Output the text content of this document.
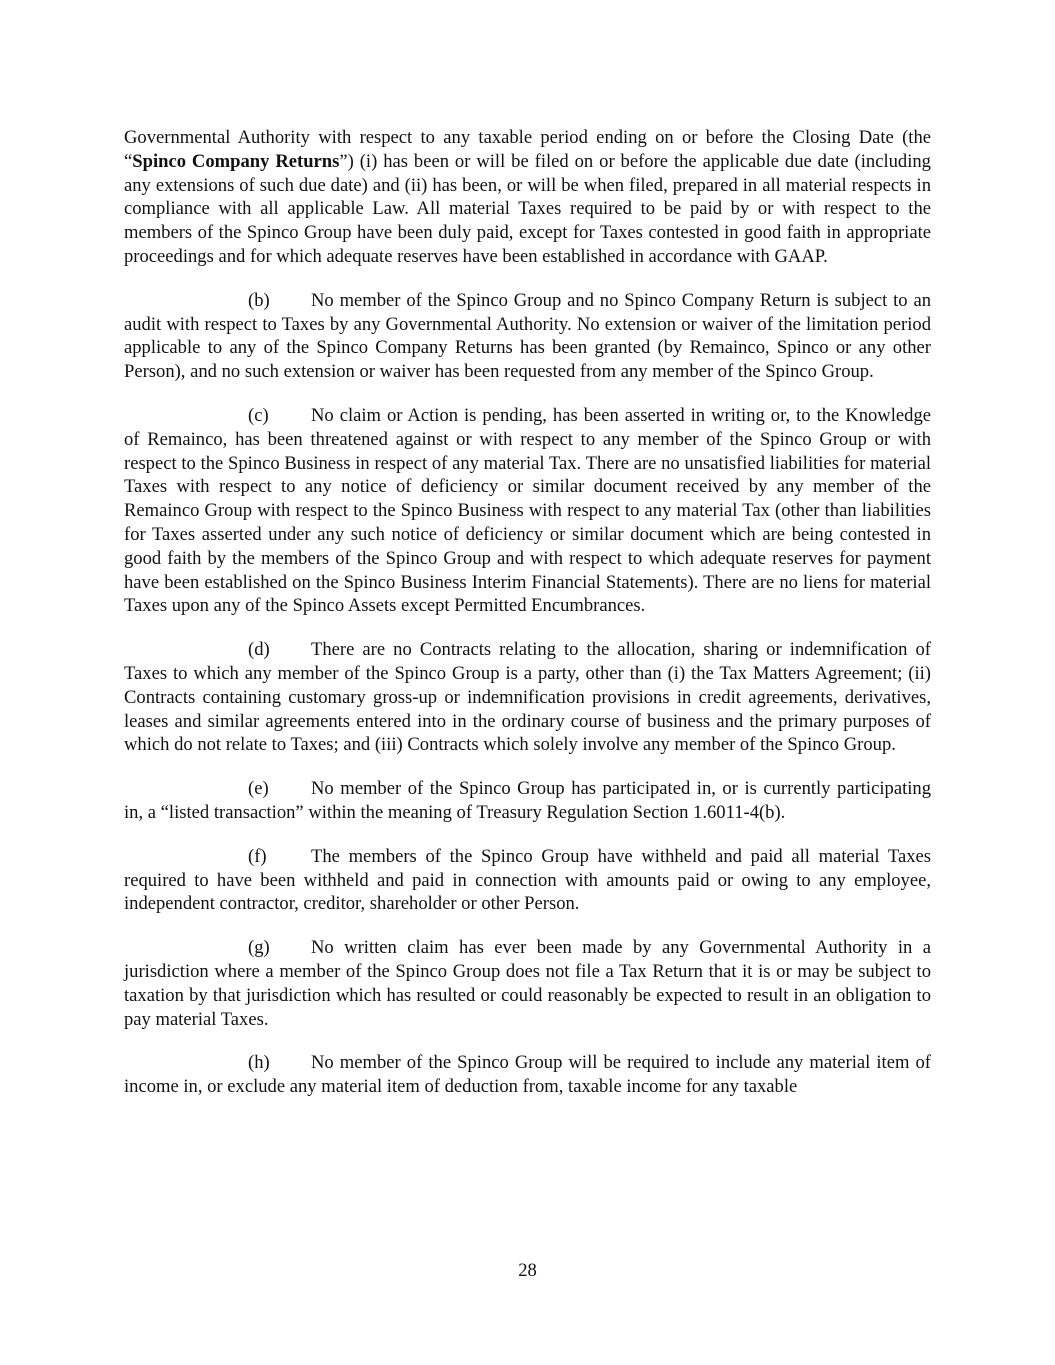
Governmental Authority with respect to any taxable period ending on or before the Closing Date (the “Spinco Company Returns”) (i) has been or will be filed on or before the applicable due date (including any extensions of such due date) and (ii) has been, or will be when filed, prepared in all material respects in compliance with all applicable Law. All material Taxes required to be paid by or with respect to the members of the Spinco Group have been duly paid, except for Taxes contested in good faith in appropriate proceedings and for which adequate reserves have been established in accordance with GAAP.

(b) No member of the Spinco Group and no Spinco Company Return is subject to an audit with respect to Taxes by any Governmental Authority. No extension or waiver of the limitation period applicable to any of the Spinco Company Returns has been granted (by Remainco, Spinco or any other Person), and no such extension or waiver has been requested from any member of the Spinco Group.

(c) No claim or Action is pending, has been asserted in writing or, to the Knowledge of Remainco, has been threatened against or with respect to any member of the Spinco Group or with respect to the Spinco Business in respect of any material Tax. There are no unsatisfied liabilities for material Taxes with respect to any notice of deficiency or similar document received by any member of the Remainco Group with respect to the Spinco Business with respect to any material Tax (other than liabilities for Taxes asserted under any such notice of deficiency or similar document which are being contested in good faith by the members of the Spinco Group and with respect to which adequate reserves for payment have been established on the Spinco Business Interim Financial Statements). There are no liens for material Taxes upon any of the Spinco Assets except Permitted Encumbrances.

(d) There are no Contracts relating to the allocation, sharing or indemnification of Taxes to which any member of the Spinco Group is a party, other than (i) the Tax Matters Agreement; (ii) Contracts containing customary gross-up or indemnification provisions in credit agreements, derivatives, leases and similar agreements entered into in the ordinary course of business and the primary purposes of which do not relate to Taxes; and (iii) Contracts which solely involve any member of the Spinco Group.

(e) No member of the Spinco Group has participated in, or is currently participating in, a “listed transaction” within the meaning of Treasury Regulation Section 1.6011-4(b).

(f) The members of the Spinco Group have withheld and paid all material Taxes required to have been withheld and paid in connection with amounts paid or owing to any employee, independent contractor, creditor, shareholder or other Person.

(g) No written claim has ever been made by any Governmental Authority in a jurisdiction where a member of the Spinco Group does not file a Tax Return that it is or may be subject to taxation by that jurisdiction which has resulted or could reasonably be expected to result in an obligation to pay material Taxes.

(h) No member of the Spinco Group will be required to include any material item of income in, or exclude any material item of deduction from, taxable income for any taxable

28
